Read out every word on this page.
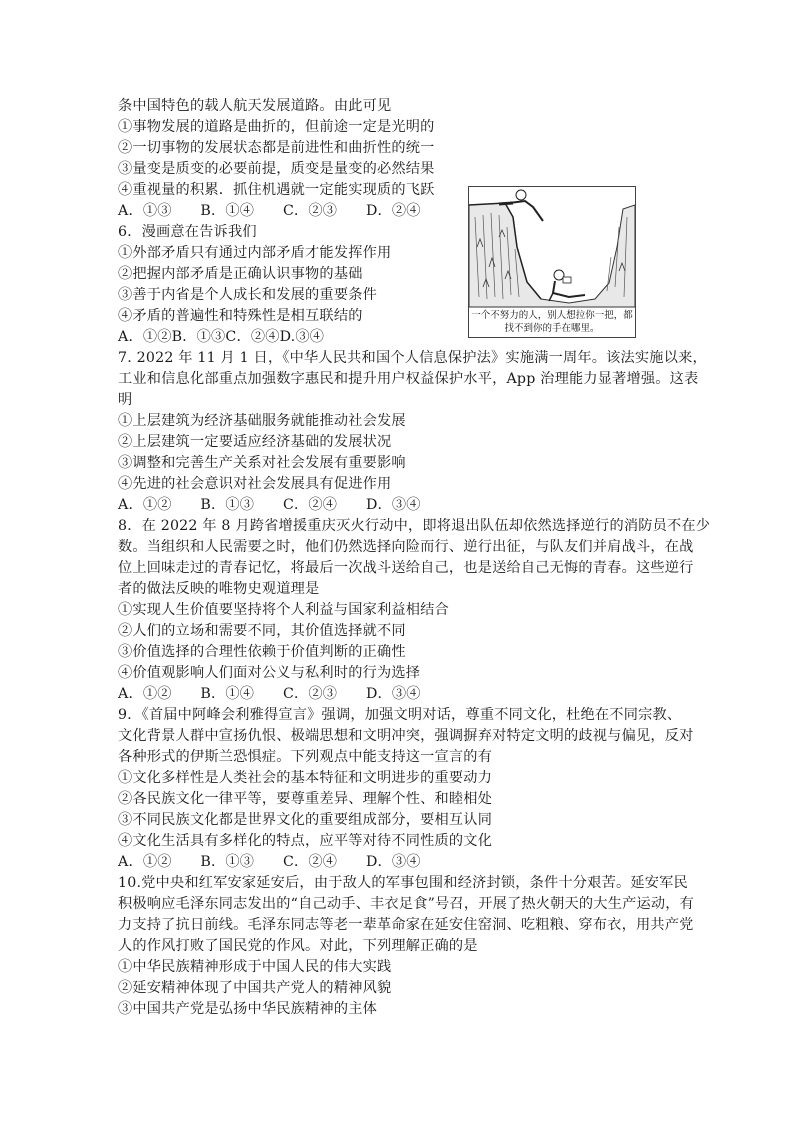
条中国特色的载人航天发展道路。由此可见
①事物发展的道路是曲折的，但前途一定是光明的
②一切事物的发展状态都是前进性和曲折性的统一
③量变是质变的必要前提，质变是量变的必然结果
④重视量的积累．抓住机遇就一定能实现质的飞跃
A．①③　　B．①④　　C．②③　　D．②④
6．漫画意在告诉我们
①外部矛盾只有通过内部矛盾才能发挥作用
②把握内部矛盾是正确认识事物的基础
③善于内省是个人成长和发展的重要条件
④矛盾的普遍性和特殊性是相互联结的
A．①②B．①③C．②④D.③④
7. 2022 年 11 月 1 日，《中华人民共和国个人信息保护法》实施满一周年。该法实施以来，
工业和信息化部重点加强数字惠民和提升用户权益保护水平，App 治理能力显著增强。这表
明
①上层建筑为经济基础服务就能推动社会发展
②上层建筑一定要适应经济基础的发展状况
③调整和完善生产关系对社会发展有重要影响
④先进的社会意识对社会发展具有促进作用
A．①②　　B．①③　　C．②④　　D．③④
8．在 2022 年 8 月跨省增援重庆灭火行动中，即将退出队伍却依然选择逆行的消防员不在少
数。当组织和人民需要之时，他们仍然选择向险而行、逆行出征，与队友们并肩战斗，在战
位上回味走过的青春记忆，将最后一次战斗送给自己，也是送给自己无悔的青春。这些逆行
者的做法反映的唯物史观道理是
①实现人生价值要坚持将个人利益与国家利益相结合
②人们的立场和需要不同，其价值选择就不同
③价值选择的合理性依赖于价值判断的正确性
④价值观影响人们面对公义与私利时的行为选择
A．①②　　B．①④　　C．②③　　D．③④
9．《首届中阿峰会利雅得宣言》强调，加强文明对话，尊重不同文化，杜绝在不同宗教、
文化背景人群中宣扬仇恨、极端思想和文明冲突，强调摒弃对特定文明的歧视与偏见，反对
各种形式的伊斯兰恐惧症。下列观点中能支持这一宣言的有
①文化多样性是人类社会的基本特征和文明进步的重要动力
②各民族文化一律平等，要尊重差异、理解个性、和睦相处
③不同民族文化都是世界文化的重要组成部分，要相互认同
④文化生活具有多样化的特点，应平等对待不同性质的文化
A．①②　　B．①③　　C．②④　　D．③④
10.党中央和红军安家延安后，由于敌人的军事包围和经济封锁，条件十分艰苦。延安军民
积极响应毛泽东同志发出的“自己动手、丰衣足食”号召，开展了热火朝天的大生产运动，有
力支持了抗日前线。毛泽东同志等老一辈革命家在延安住窑洞、吃粗粮、穿布衣，用共产党
人的作风打败了国民党的作风。对此，下列理解正确的是
①中华民族精神形成于中国人民的伟大实践
②延安精神体现了中国共产党人的精神风貌
③中国共产党是弘扬中华民族精神的主体
一个不努力的人，别人想拉你一把，都
找不到你的手在哪里。
